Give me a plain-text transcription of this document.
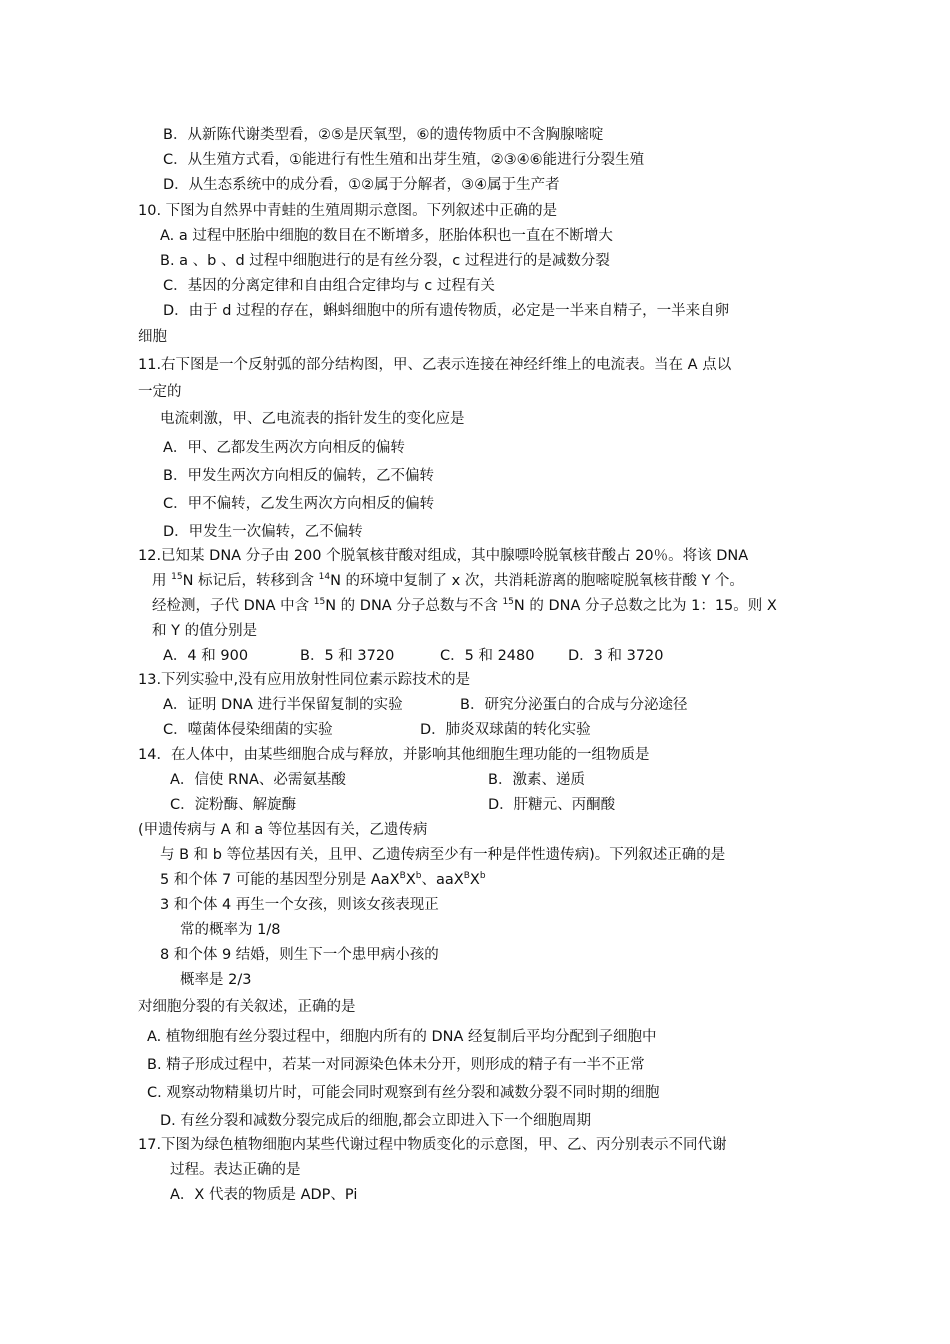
B．从新陈代谢类型看，②⑤是厌氧型，⑥的遗传物质中不含胸腺嘧啶
C．从生殖方式看，①能进行有性生殖和出芽生殖，②③④⑥能进行分裂生殖
D．从生态系统中的成分看，①②属于分解者，③④属于生产者
10. 下图为自然界中青蛙的生殖周期示意图。下列叙述中正确的是
A. a 过程中胚胎中细胞的数目在不断增多，胚胎体积也一直在不断增大
B. a 、b 、d 过程中细胞进行的是有丝分裂，c 过程进行的是减数分裂
C．基因的分离定律和自由组合定律均与 c 过程有关
D．由于 d 过程的存在，蝌蚪细胞中的所有遗传物质，必定是一半来自精子，一半来自卵
细胞
11.右下图是一个反射弧的部分结构图，甲、乙表示连接在神经纤维上的电流表。当在 A 点以
一定的
电流刺激，甲、乙电流表的指针发生的变化应是
A．甲、乙都发生两次方向相反的偏转
B．甲发生两次方向相反的偏转，乙不偏转
C．甲不偏转，乙发生两次方向相反的偏转
D．甲发生一次偏转，乙不偏转
12.已知某 DNA 分子由 200 个脱氧核苷酸对组成，其中腺嘌呤脱氧核苷酸占 20％。将该 DNA
用 $^{15}$N 标记后，转移到含 $^{14}$N 的环境中复制了 x 次，共消耗游离的胞嘧啶脱氧核苷酸 Y 个。
经检测，子代 DNA 中含 $^{15}$N 的 DNA 分子总数与不含 $^{15}$N 的 DNA 分子总数之比为 1：15。则 X
和 Y 的值分别是
A．4 和 900	B．5 和 3720	C．5 和 2480 D．3 和 3720
13.下列实验中,没有应用放射性同位素示踪技术的是
A．证明 DNA 进行半保留复制的实验	B．研究分泌蛋白的合成与分泌途径
C．噬菌体侵染细菌的实验	D．肺炎双球菌的转化实验
14．在人体中，由某些细胞合成与释放，并影响其他细胞生理功能的一组物质是
A．信使 RNA、必需氨基酸	B．激素、递质
C．淀粉酶、解旋酶	D．肝糖元、丙酮酸
(甲遗传病与 A 和 a 等位基因有关，乙遗传病
与 B 和 b 等位基因有关，且甲、乙遗传病至少有一种是伴性遗传病)。下列叙述正确的是
5 和个体 7 可能的基因型分别是 $AaX^BX^b$、$aaX^BX^b$
3 和个体 4 再生一个女孩，则该女孩表现正
常的概率为 1/8
8 和个体 9 结婚，则生下一个患甲病小孩的
概率是 2/3
对细胞分裂的有关叙述，正确的是
A. 植物细胞有丝分裂过程中，细胞内所有的 DNA 经复制后平均分配到子细胞中
B. 精子形成过程中，若某一对同源染色体未分开，则形成的精子有一半不正常
C. 观察动物精巢切片时，可能会同时观察到有丝分裂和减数分裂不同时期的细胞
D. 有丝分裂和减数分裂完成后的细胞,都会立即进入下一个细胞周期
17.下图为绿色植物细胞内某些代谢过程中物质变化的示意图，甲、乙、丙分别表示不同代谢
过程。表达正确的是
A．X 代表的物质是 ADP、Pi
